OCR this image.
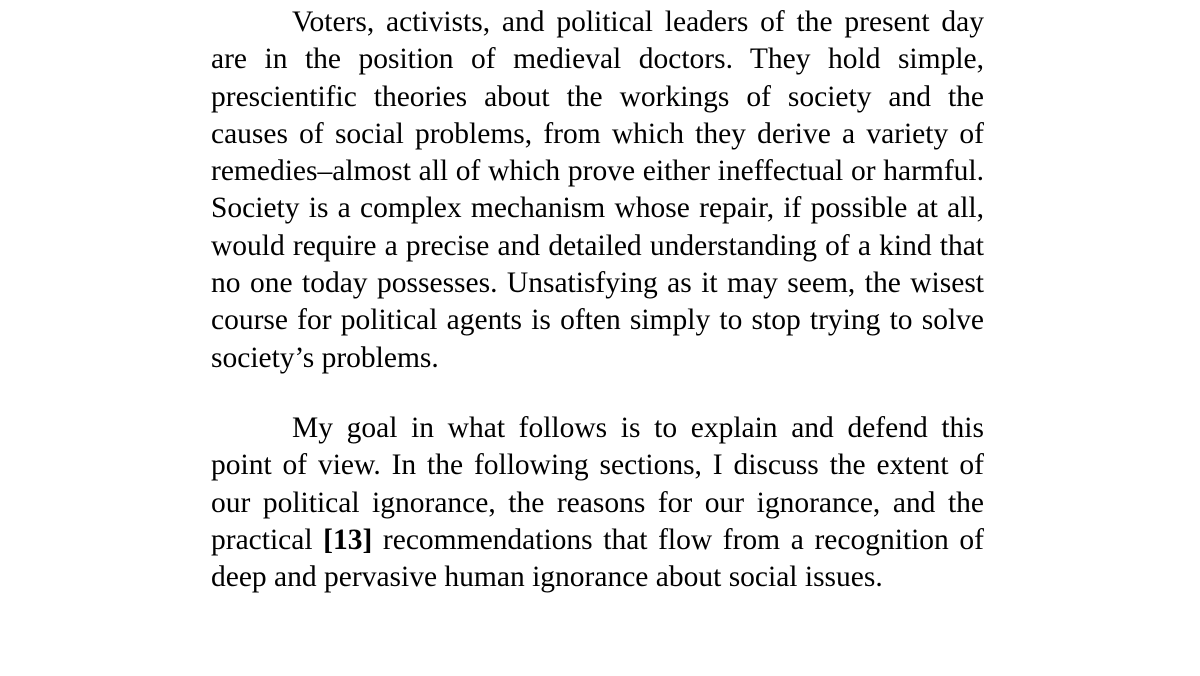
Voters, activists, and political leaders of the present day are in the position of medieval doctors. They hold simple, prescientific theories about the workings of society and the causes of social problems, from which they derive a variety of remedies–almost all of which prove either ineffectual or harmful. Society is a complex mechanism whose repair, if possible at all, would require a precise and detailed understanding of a kind that no one today possesses. Unsatisfying as it may seem, the wisest course for political agents is often simply to stop trying to solve society’s problems.

My goal in what follows is to explain and defend this point of view. In the following sections, I discuss the extent of our political ignorance, the reasons for our ignorance, and the practical [13] recommendations that flow from a recognition of deep and pervasive human ignorance about social issues.
